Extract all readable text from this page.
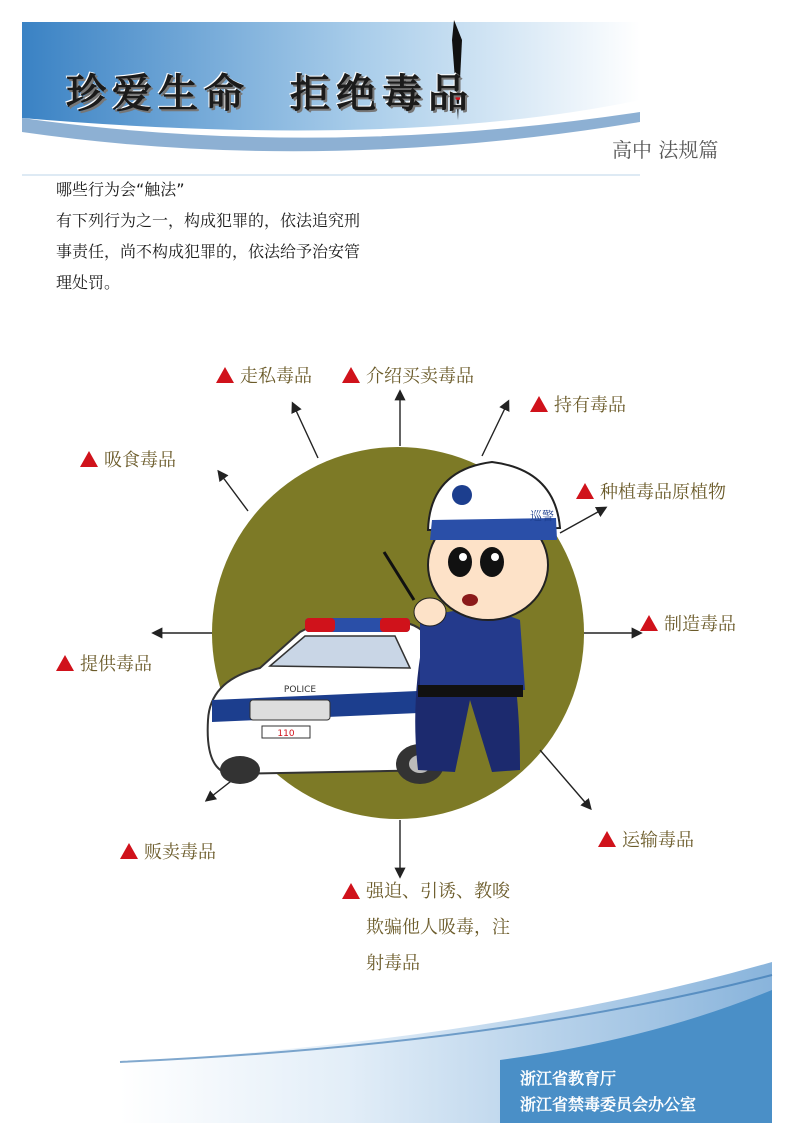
珍爱生命 拒绝毒品
高中 法规篇

哪些行为会“触法”

有下列行为之一，构成犯罪的，依法追究刑

事责任，尚不构成犯罪的，依法给予治安管

理处罚。

110
POLICE
巡警
走私毒品	介绍买卖毒品
持有毒品
吸食毒品
种植毒品原植物
提供毒品
制造毒品
贩卖毒品
运输毒品
强迫、引诱、教唆
欺骗他人吸毒，注
射毒品

浙江省教育厅

浙江省禁毒委员会办公室
